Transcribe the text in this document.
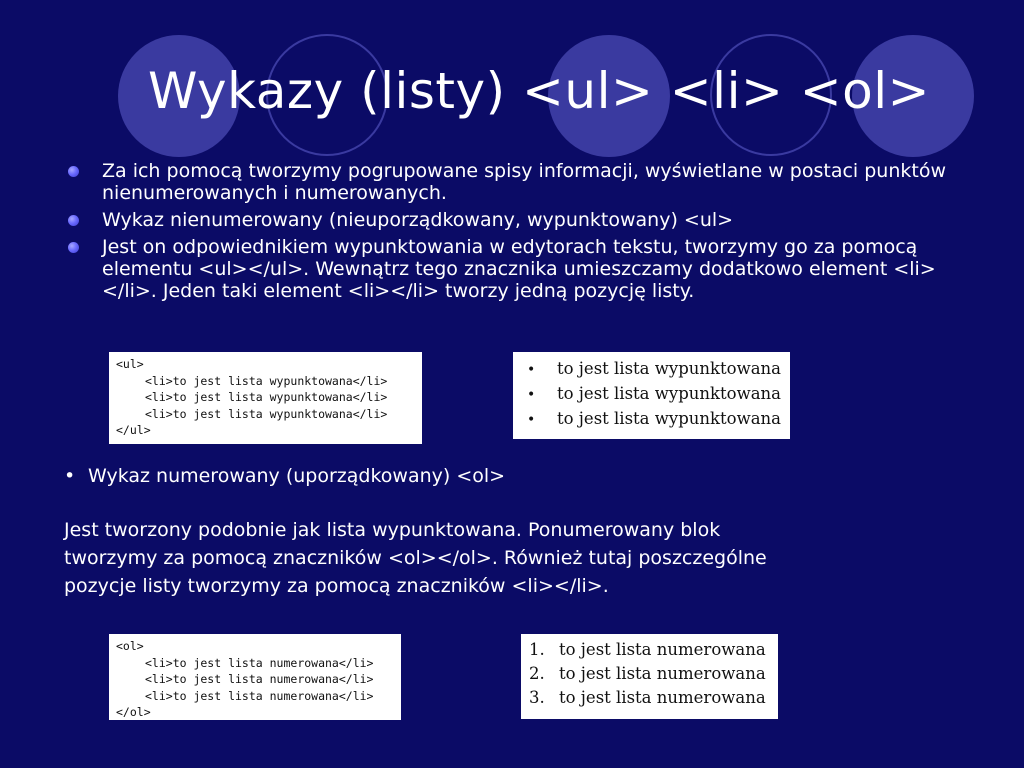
Wykazy (listy) <ul> <li> <ol>
Za ich pomocą tworzymy pogrupowane spisy informacji, wyświetlane w postaci punktów nienumerowanych i numerowanych.
Wykaz nienumerowany (nieuporządkowany, wypunktowany) <ul>
Jest on odpowiednikiem wypunktowania w edytorach tekstu, tworzymy go za pomocą elementu <ul></ul>. Wewnątrz tego znacznika umieszczamy dodatkowo element <li></li>. Jeden taki element <li></li> tworzy jedną pozycję listy.
<ul>
<li>to jest lista wypunktowana</li>
<li>to jest lista wypunktowana</li>
<li>to jest lista wypunktowana</li>
</ul>
• to jest lista wypunktowana
• to jest lista wypunktowana
• to jest lista wypunktowana
• Wykaz numerowany (uporządkowany) <ol>

Jest tworzony podobnie jak lista wypunktowana. Ponumerowany blok
tworzymy za pomocą znaczników <ol></ol>. Również tutaj poszczególne
pozycje listy tworzymy za pomocą znaczników <li></li>.

<ol>
<li>to jest lista numerowana</li>
<li>to jest lista numerowana</li>
<li>to jest lista numerowana</li>
</ol>
1. to jest lista numerowana
2. to jest lista numerowana
3. to jest lista numerowana
